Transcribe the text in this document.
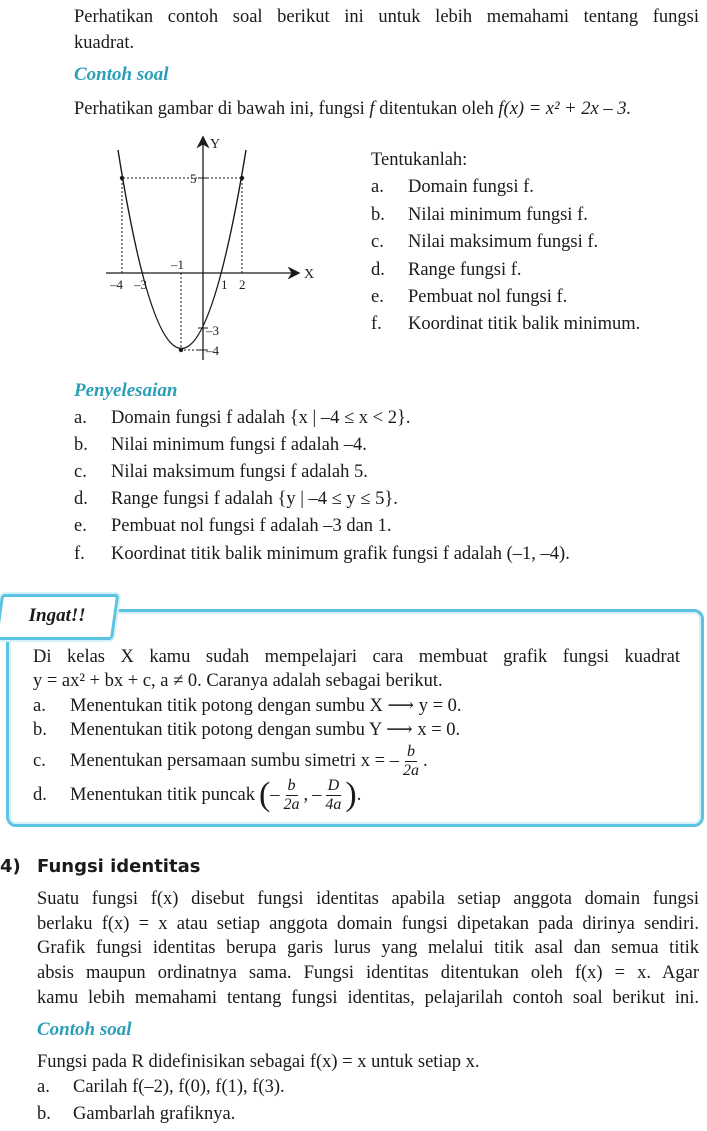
Perhatikan contoh soal berikut ini untuk lebih memahami tentang fungsi
kuadrat.
Contoh soal
Perhatikan gambar di bawah ini, fungsi f ditentukan oleh f(x) = x² + 2x – 3.
Y
X
5
–1
–4 –3	1 2
–3
–4
Tentukanlah:
a.	Domain fungsi f.
b.	Nilai minimum fungsi f.
c.	Nilai maksimum fungsi f.
d.	Range fungsi f.
e.	Pembuat nol fungsi f.
f.	Koordinat titik balik minimum.
Penyelesaian
a.	Domain fungsi f adalah {x | –4 ≤ x < 2}.
b.	Nilai minimum fungsi f adalah –4.
c.	Nilai maksimum fungsi f adalah 5.
d.	Range fungsi f adalah {y | –4 ≤ y ≤ 5}.
e.	Pembuat nol fungsi f adalah –3 dan 1.
f.	Koordinat titik balik minimum grafik fungsi f adalah (–1, –4).
Ingat!!
Di kelas X kamu sudah mempelajari cara membuat grafik fungsi kuadrat
y = ax² + bx + c, a ≠ 0. Caranya adalah sebagai berikut.
a.	Menentukan titik potong dengan sumbu X ⟶ y = 0.
b.	Menentukan titik potong dengan sumbu Y ⟶ x = 0.
c.	Menentukan persamaan sumbu simetri x = – $\frac{b}{2a}$ .
d.	Menentukan titik puncak ( – $\frac{b}{2a}$ , – $\frac{D}{4a}$ ) .
4) Fungsi identitas
Suatu fungsi f(x) disebut fungsi identitas apabila setiap anggota domain fungsi
berlaku f(x) = x atau setiap anggota domain fungsi dipetakan pada dirinya sendiri.
Grafik fungsi identitas berupa garis lurus yang melalui titik asal dan semua titik
absis maupun ordinatnya sama. Fungsi identitas ditentukan oleh f(x) = x. Agar
kamu lebih memahami tentang fungsi identitas, pelajarilah contoh soal berikut ini.
Contoh soal
Fungsi pada R didefinisikan sebagai f(x) = x untuk setiap x.
a.	Carilah f(–2), f(0), f(1), f(3).
b.	Gambarlah grafiknya.
